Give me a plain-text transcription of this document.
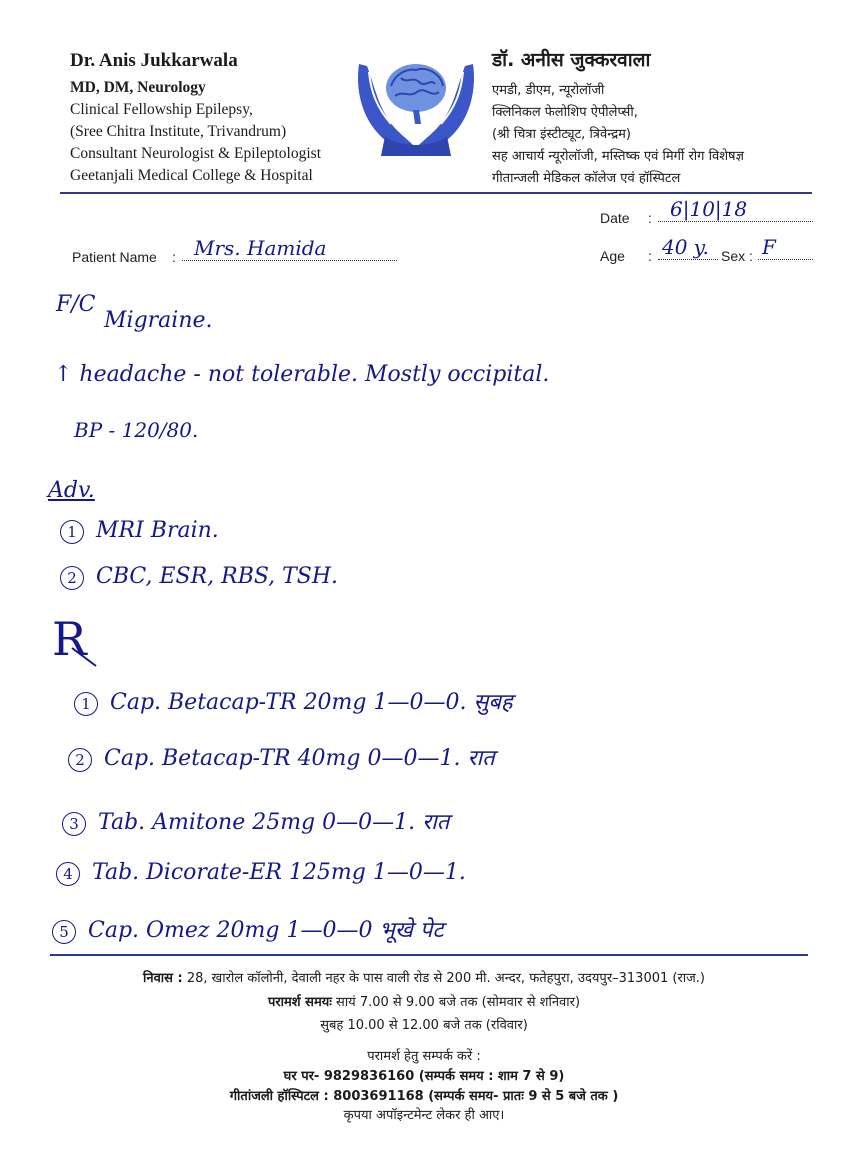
Dr. Anis Jukkarwala
MD, DM, Neurology
Clinical Fellowship Epilepsy,
(Sree Chitra Institute, Trivandrum)
Consultant Neurologist & Epileptologist
Geetanjali Medical College & Hospital
डॉ. अनीस जुक्करवाला
एमडी, डीएम, न्यूरोलॉजी
क्लिनिकल फेलोशिप ऐपीलेप्सी,
(श्री चित्रा इंस्टीट्यूट, त्रिवेन्द्रम)
सह आचार्य न्यूरोलॉजी, मस्तिष्क एवं मिर्गी रोग विशेषज्ञ
गीतान्जली मेडिकल कॉलेज एवं हॉस्पिटल
Date : 6|10|18
Patient Name : Mrs. Hamida	Age : 40 y. Sex : F
F/C
Migraine.
↑ headache - not tolerable. Mostly occipital.
BP - 120/80.
Adv.
1 MRI Brain.
2 CBC, ESR, RBS, TSH.
R
1 Cap. Betacap-TR 20mg 1—0—0. सुबह
2 Cap. Betacap-TR 40mg 0—0—1. रात
3 Tab. Amitone 25mg 0—0—1. रात
4 Tab. Dicorate-ER 125mg 1—0—1.
5 Cap. Omez 20mg 1—0—0 भूखे पेट
निवास : 28, खारोल कॉलोनी, देवाली नहर के पास वाली रोड से 200 मी. अन्दर, फतेहपुरा, उदयपुर–313001 (राज.)
परामर्श समयः सायं 7.00 से 9.00 बजे तक (सोमवार से शनिवार)
सुबह 10.00 से 12.00 बजे तक (रविवार)
परामर्श हेतु सम्पर्क करें :
घर पर- 9829836160 (सम्पर्क समय : शाम 7 से 9)
गीतांजली हॉस्पिटल : 8003691168 (सम्पर्क समय- प्रातः 9 से 5 बजे तक )
कृपया अपॉइन्टमेन्ट लेकर ही आए।
